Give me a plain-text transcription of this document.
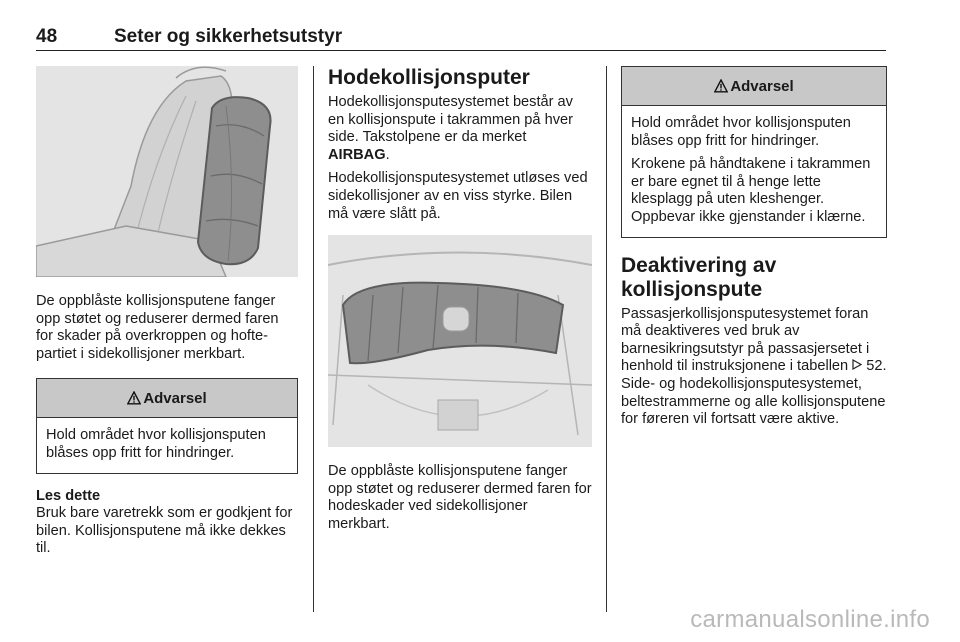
48	Seter og sikkerhetsutstyr

De oppblåste kollisjonsputene fanger opp støtet og reduserer dermed faren for skader på overkroppen og hoftepartiet i sidekollisjoner merkbart.

Advarsel

Hold området hvor kollisjonsputen blåses opp fritt for hindringer.

Les dette

Bruk bare varetrekk som er godkjent for bilen. Kollisjonsputene må ikke dekkes til.

Hodekollisjonsputer

Hodekollisjonsputesystemet består av en kollisjonspute i takrammen på hver side. Takstolpene er da merket AIRBAG.

Hodekollisjonsputesystemet utløses ved sidekollisjoner av en viss styrke. Bilen må være slått på.

De oppblåste kollisjonsputene fanger opp støtet og reduserer dermed faren for hodeskader ved sidekollisjoner merkbart.

Advarsel

Hold området hvor kollisjonsputen blåses opp fritt for hindringer.

Krokene på håndtakene i takrammen er bare egnet til å henge lette klesplagg på uten kleshenger. Oppbevar ikke gjenstander i klærne.

Deaktivering av kollisjonspute

Passasjerkollisjonsputesystemet foran må deaktiveres ved bruk av barnesikringsutstyr på passasjersetet i henhold til instruksjonene i tabellen  52. Side- og hodekollisjonsputesystemet, beltestrammerne og alle kollisjonsputene for føreren vil fortsatt være aktive.

carmanualsonline.info
